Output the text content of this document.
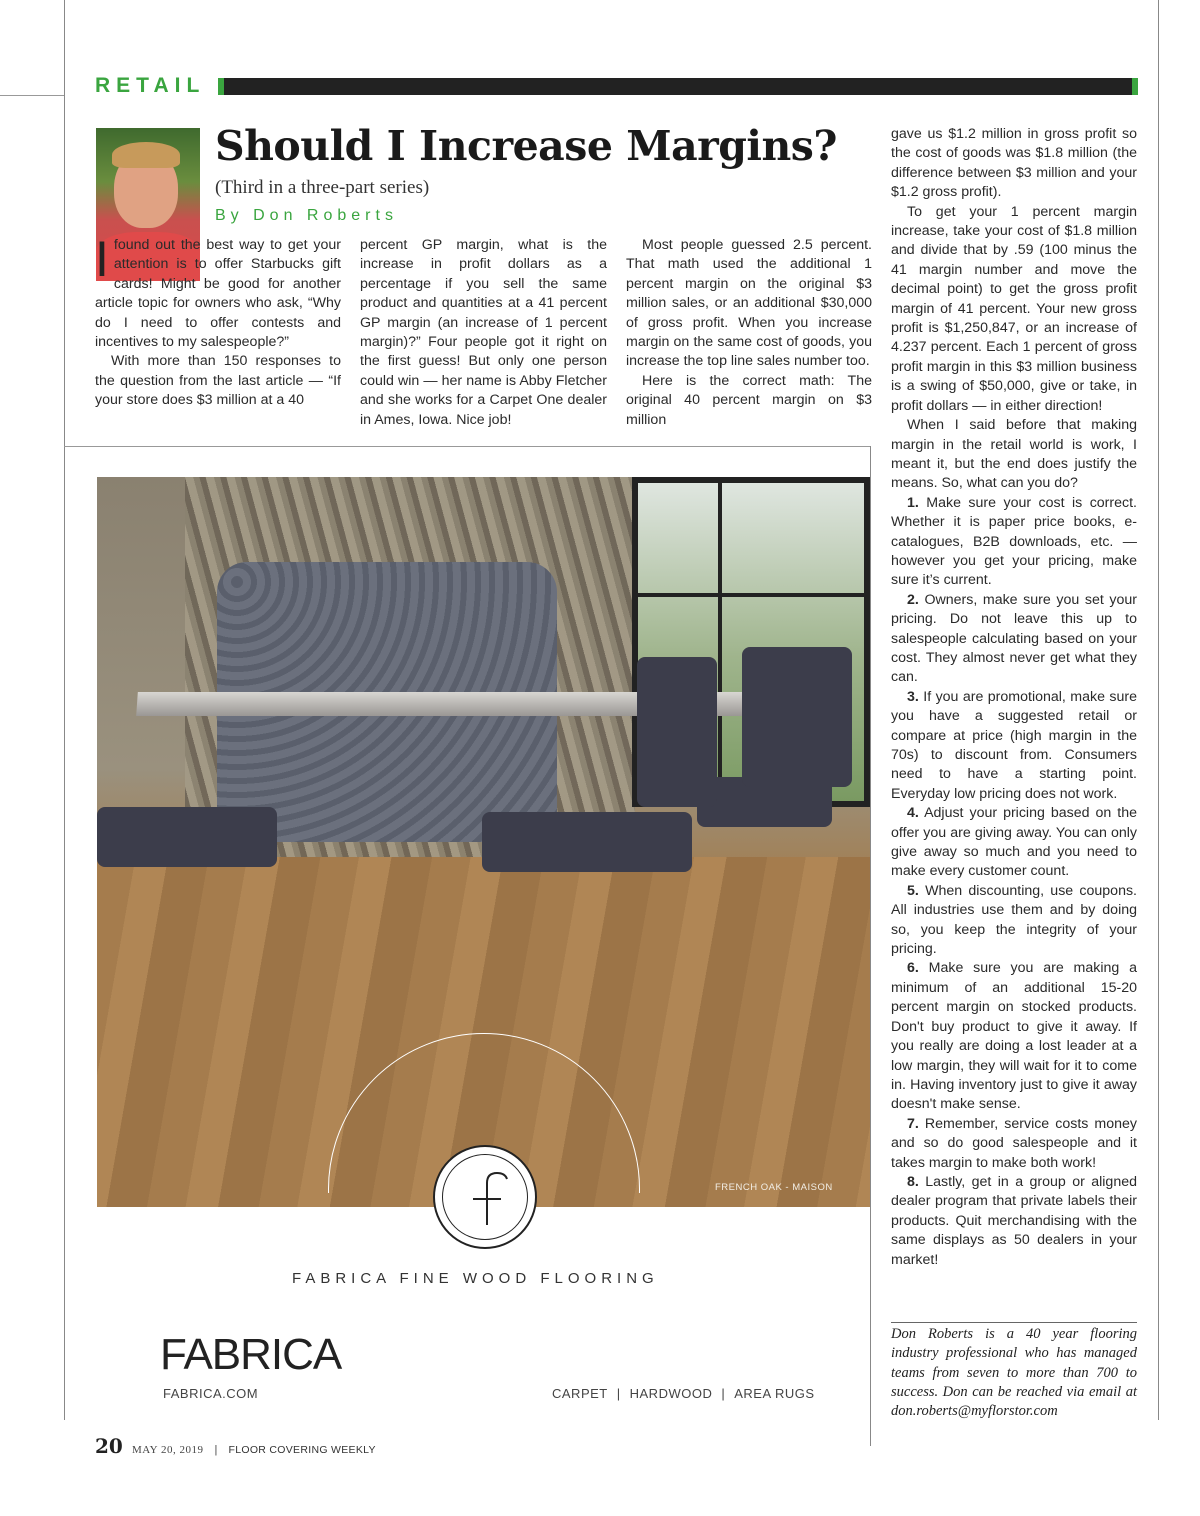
RETAIL
Should I Increase Margins?
(Third in a three-part series)
By Don Roberts

Ifound out the best way to get your attention is to offer Starbucks gift cards! Might be good for another article topic for owners who ask, “Why do I need to offer contests and incentives to my salespeople?”

With more than 150 responses to the question from the last article — “If your store does $3 million at a 40

percent GP margin, what is the increase in profit dollars as a percentage if you sell the same product and quantities at a 41 percent GP margin (an increase of 1 percent margin)?” Four people got it right on the first guess! But only one person could win — her name is Abby Fletcher and she works for a Carpet One dealer in Ames, Iowa. Nice job!

Most people guessed 2.5 percent. That math used the additional 1 percent margin on the original $3 million sales, or an additional $30,000 of gross profit. When you increase margin on the same cost of goods, you increase the top line sales number too.

Here is the correct math: The original 40 percent margin on $3 million

gave us $1.2 million in gross profit so the cost of goods was $1.8 million (the difference between $3 million and your $1.2 gross profit).

To get your 1 percent margin increase, take your cost of $1.8 million and divide that by .59 (100 minus the 41 margin number and move the decimal point) to get the gross profit margin of 41 percent. Your new gross profit is $1,250,847, or an increase of 4.237 percent. Each 1 percent of gross profit margin in this $3 million business is a swing of $50,000, give or take, in profit dollars — in either direction!

When I said before that making margin in the retail world is work, I meant it, but the end does justify the means. So, what can you do?

1. Make sure your cost is correct. Whether it is paper price books, e-catalogues, B2B downloads, etc. — however you get your pricing, make sure it’s current.

2. Owners, make sure you set your pricing. Do not leave this up to salespeople calculating based on your cost. They almost never get what they can.

3. If you are promotional, make sure you have a suggested retail or compare at price (high margin in the 70s) to discount from. Consumers need to have a starting point. Everyday low pricing does not work.

4. Adjust your pricing based on the offer you are giving away. You can only give away so much and you need to make every customer count.

5. When discounting, use coupons. All industries use them and by doing so, you keep the integrity of your pricing.

6. Make sure you are making a minimum of an additional 15-20 percent margin on stocked products. Don't buy product to give it away. If you really are doing a lost leader at a low margin, they will wait for it to come in. Having inventory just to give it away doesn't make sense.

7. Remember, service costs money and so do good salespeople and it takes margin to make both work!

8. Lastly, get in a group or aligned dealer program that private labels their products. Quit merchandising with the same displays as 50 dealers in your market!

FRENCH OAK - MAISON
FABRICA FINE WOOD FLOORING
FABRICA
FABRICA.COM	CARPET | HARDWOOD | AREA RUGS
Don Roberts is a 40 year flooring industry professional who has managed teams from seven to more than 700 to success. Don can be reached via email at don.roberts@myflorstor.com
20 MAY 20, 2019 | FLOOR COVERING WEEKLY
